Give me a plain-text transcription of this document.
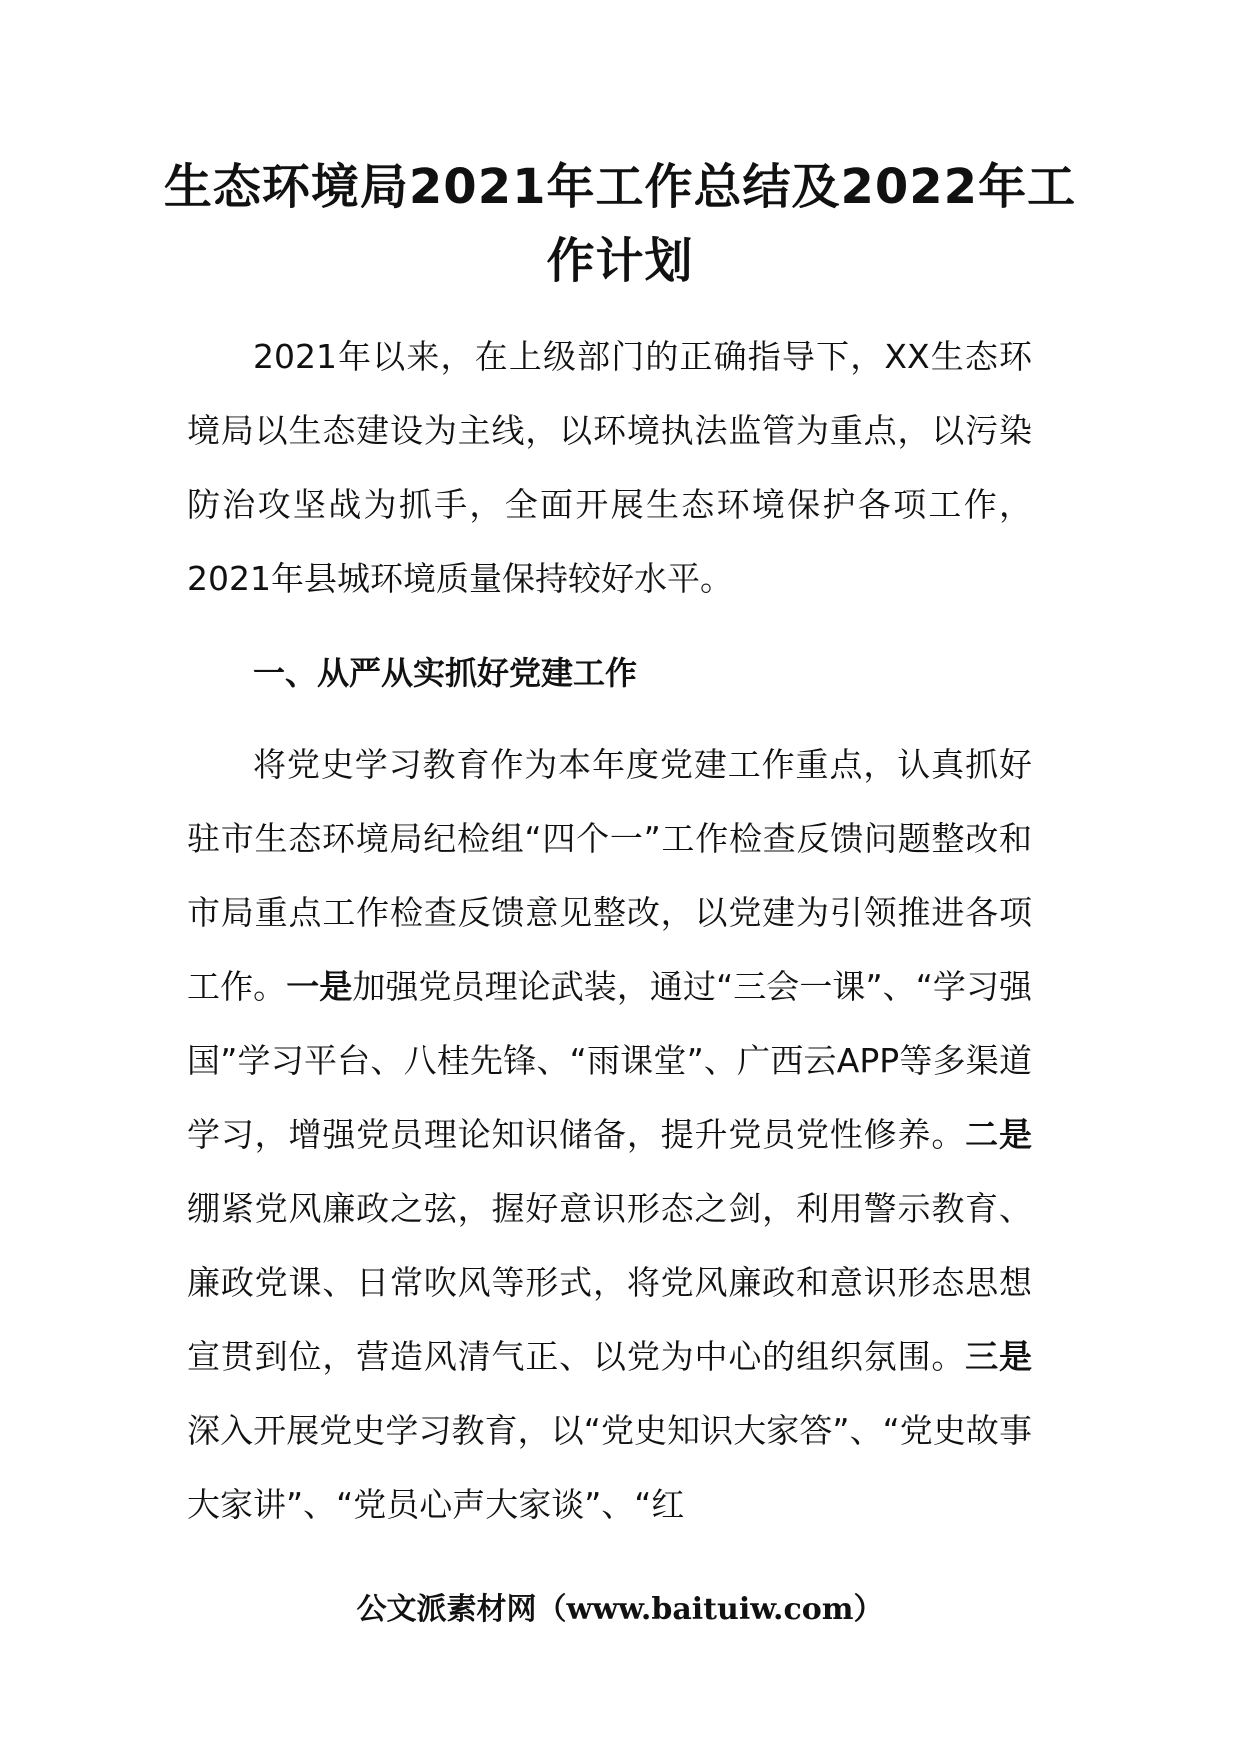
生态环境局2021年工作总结及2022年工作计划

2021年以来，在上级部门的正确指导下，XX生态环境局以生态建设为主线，以环境执法监管为重点，以污染防治攻坚战为抓手，全面开展生态环境保护各项工作，2021年县城环境质量保持较好水平。

一、从严从实抓好党建工作

将党史学习教育作为本年度党建工作重点，认真抓好驻市生态环境局纪检组“四个一”工作检查反馈问题整改和市局重点工作检查反馈意见整改，以党建为引领推进各项工作。一是加强党员理论武装，通过“三会一课”、“学习强国”学习平台、八桂先锋、“雨课堂”、广西云APP等多渠道学习，增强党员理论知识储备，提升党员党性修养。二是绷紧党风廉政之弦，握好意识形态之剑，利用警示教育、廉政党课、日常吹风等形式，将党风廉政和意识形态思想宣贯到位，营造风清气正、以党为中心的组织氛围。三是深入开展党史学习教育，以“党史知识大家答”、“党史故事大家讲”、“党员心声大家谈”、“红

公文派素材网（www.baituiw.com）
